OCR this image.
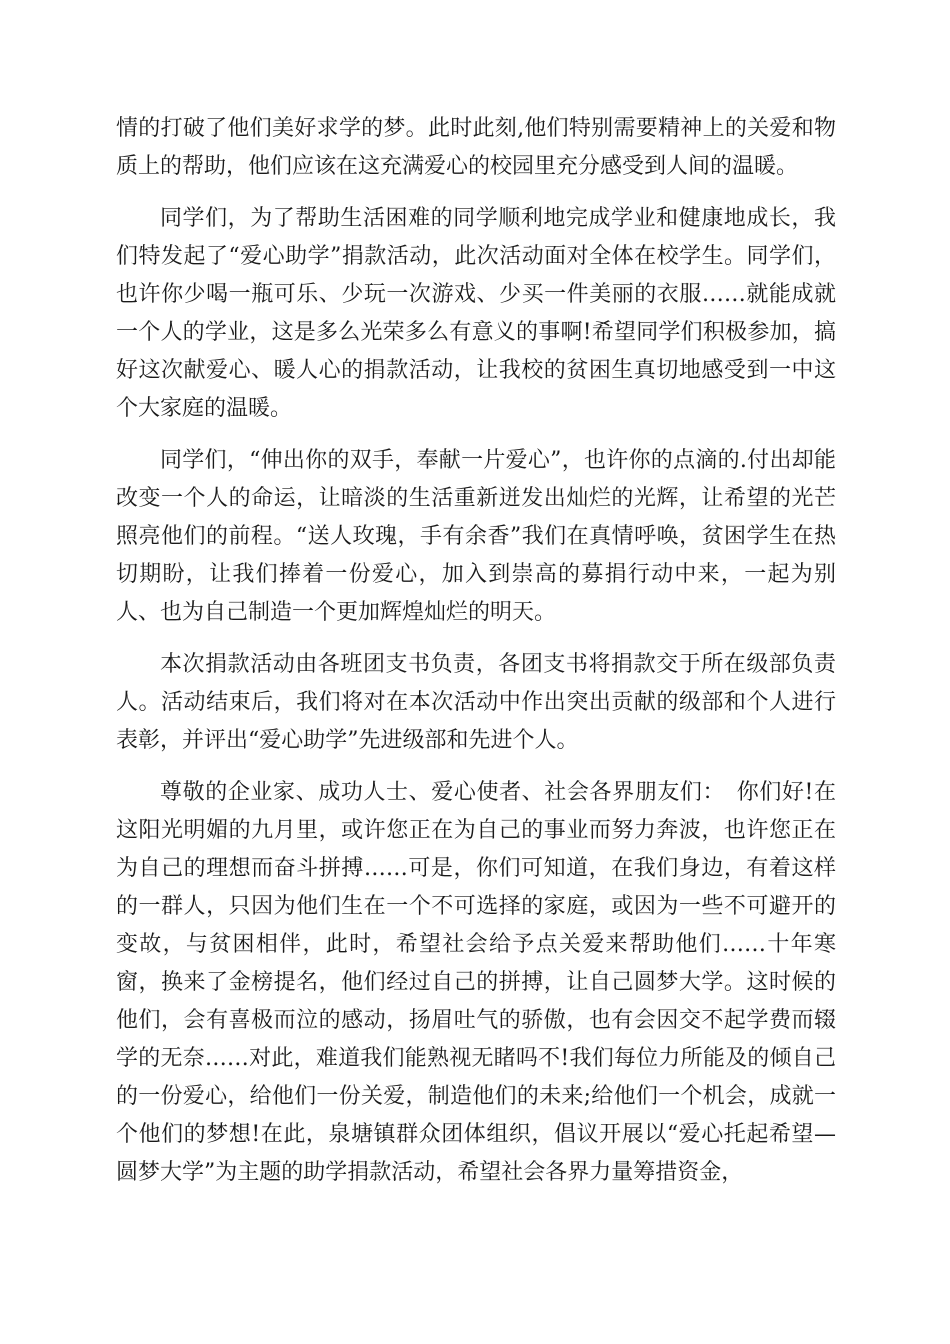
情的打破了他们美好求学的梦。此时此刻,他们特别需要精神上的关爱和物质上的帮助，他们应该在这充满爱心的校园里充分感受到人间的温暖。

同学们，为了帮助生活困难的同学顺利地完成学业和健康地成长，我们特发起了“爱心助学”捐款活动，此次活动面对全体在校学生。同学们，也许你少喝一瓶可乐、少玩一次游戏、少买一件美丽的衣服……就能成就一个人的学业，这是多么光荣多么有意义的事啊!希望同学们积极参加，搞好这次献爱心、暖人心的捐款活动，让我校的贫困生真切地感受到一中这个大家庭的温暖。

同学们，“伸出你的双手，奉献一片爱心”，也许你的点滴的.付出却能改变一个人的命运，让暗淡的生活重新迸发出灿烂的光辉，让希望的光芒照亮他们的前程。“送人玫瑰，手有余香”我们在真情呼唤，贫困学生在热切期盼，让我们捧着一份爱心，加入到崇高的募捐行动中来，一起为别人、也为自己制造一个更加辉煌灿烂的明天。

本次捐款活动由各班团支书负责，各团支书将捐款交于所在级部负责人。活动结束后，我们将对在本次活动中作出突出贡献的级部和个人进行表彰，并评出“爱心助学”先进级部和先进个人。

尊敬的企业家、成功人士、爱心使者、社会各界朋友们：　你们好!在这阳光明媚的九月里，或许您正在为自己的事业而努力奔波，也许您正在为自己的理想而奋斗拼搏……可是，你们可知道，在我们身边，有着这样的一群人，只因为他们生在一个不可选择的家庭，或因为一些不可避开的变故，与贫困相伴，此时，希望社会给予点关爱来帮助他们……十年寒窗，换来了金榜提名，他们经过自己的拼搏，让自己圆梦大学。这时候的他们，会有喜极而泣的感动，扬眉吐气的骄傲，也有会因交不起学费而辍学的无奈……对此，难道我们能熟视无睹吗不!我们每位力所能及的倾自己的一份爱心，给他们一份关爱，制造他们的未来;给他们一个机会，成就一个他们的梦想!在此，泉塘镇群众团体组织，倡议开展以“爱心托起希望—圆梦大学”为主题的助学捐款活动，希望社会各界力量筹措资金，
